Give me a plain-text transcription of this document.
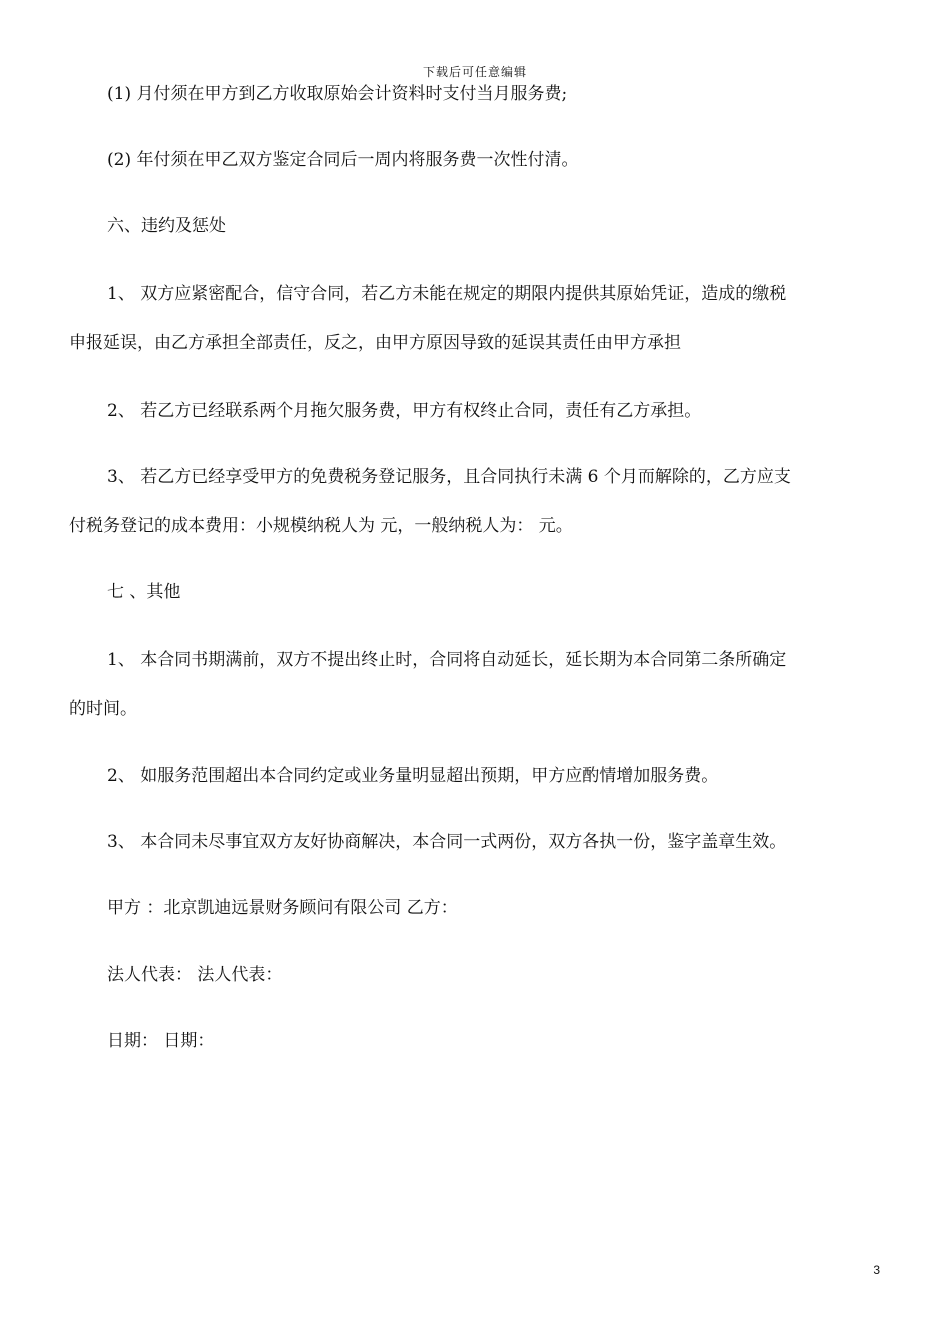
下载后可任意编辑
(1) 月付须在甲方到乙方收取原始会计资料时支付当月服务费;
(2) 年付须在甲乙双方鉴定合同后一周内将服务费一次性付清。
六、违约及惩处
1、 双方应紧密配合，信守合同，若乙方未能在规定的期限内提供其原始凭证，造成的缴税
申报延误，由乙方承担全部责任，反之，由甲方原因导致的延误其责任由甲方承担
2、 若乙方已经联系两个月拖欠服务费，甲方有权终止合同，责任有乙方承担。
3、 若乙方已经享受甲方的免费税务登记服务，且合同执行未满 6 个月而解除的，乙方应支
付税务登记的成本费用：小规模纳税人为 元，一般纳税人为： 元。
七 、其他
1、 本合同书期满前，双方不提出终止时，合同将自动延长，延长期为本合同第二条所确定
的时间。
2、 如服务范围超出本合同约定或业务量明显超出预期，甲方应酌情增加服务费。
3、 本合同未尽事宜双方友好协商解决，本合同一式两份，双方各执一份，鉴字盖章生效。
甲方 ：北京凯迪远景财务顾问有限公司 乙方：
法人代表： 法人代表：
日期： 日期：
3
